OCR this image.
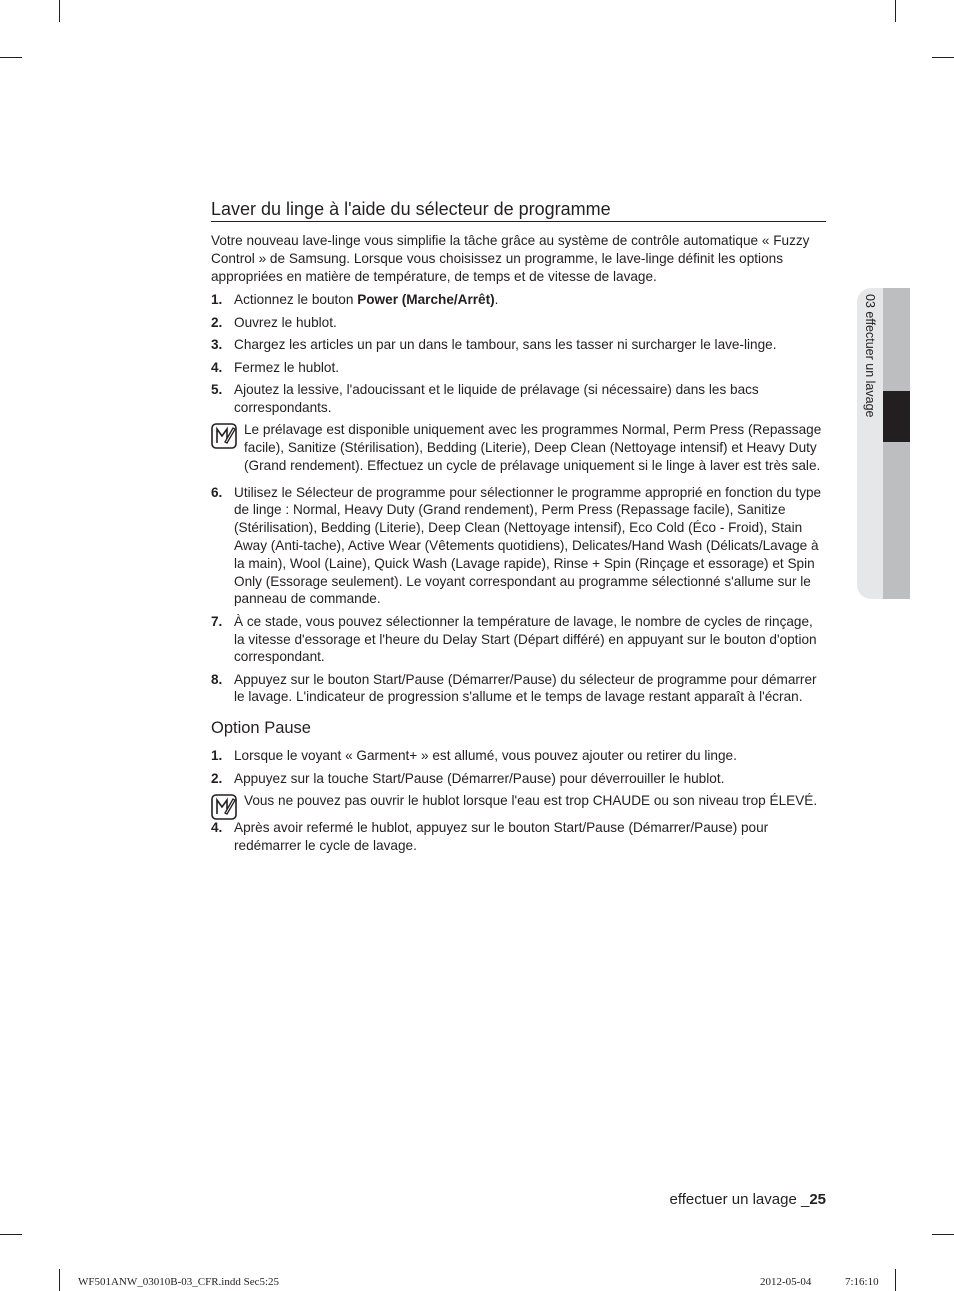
03 effectuer un lavage
Laver du linge à l'aide du sélecteur de programme

Votre nouveau lave-linge vous simplifie la tâche grâce au système de contrôle automatique « Fuzzy Control » de Samsung. Lorsque vous choisissez un programme, le lave-linge définit les options appropriées en matière de température, de temps et de vitesse de lavage.

1. Actionnez le bouton Power (Marche/Arrêt).
2. Ouvrez le hublot.
3. Chargez les articles un par un dans le tambour, sans les tasser ni surcharger le lave-linge.
4. Fermez le hublot.
5. Ajoutez la lessive, l'adoucissant et le liquide de prélavage (si nécessaire) dans les bacs correspondants.
Le prélavage est disponible uniquement avec les programmes Normal, Perm Press (Repassage facile), Sanitize (Stérilisation), Bedding (Literie), Deep Clean (Nettoyage intensif) et Heavy Duty (Grand rendement). Effectuez un cycle de prélavage uniquement si le linge à laver est très sale.
6. Utilisez le Sélecteur de programme pour sélectionner le programme approprié en fonction du type de linge : Normal, Heavy Duty (Grand rendement), Perm Press (Repassage facile), Sanitize (Stérilisation), Bedding (Literie), Deep Clean (Nettoyage intensif), Eco Cold (Éco - Froid), Stain Away (Anti-tache), Active Wear (Vêtements quotidiens), Delicates/Hand Wash (Délicats/Lavage à la main), Wool (Laine), Quick Wash (Lavage rapide), Rinse + Spin (Rinçage et essorage) et Spin Only (Essorage seulement). Le voyant correspondant au programme sélectionné s'allume sur le panneau de commande.
7. À ce stade, vous pouvez sélectionner la température de lavage, le nombre de cycles de rinçage, la vitesse d'essorage et l'heure du Delay Start (Départ différé) en appuyant sur le bouton d'option correspondant.
8. Appuyez sur le bouton Start/Pause (Démarrer/Pause) du sélecteur de programme pour démarrer le lavage. L'indicateur de progression s'allume et le temps de lavage restant apparaît à l'écran.
Option Pause
1. Lorsque le voyant « Garment+ » est allumé, vous pouvez ajouter ou retirer du linge.
2. Appuyez sur la touche Start/Pause (Démarrer/Pause) pour déverrouiller le hublot.
Vous ne pouvez pas ouvrir le hublot lorsque l'eau est trop CHAUDE ou son niveau trop ÉLEVÉ.
4. Après avoir refermé le hublot, appuyez sur le bouton Start/Pause (Démarrer/Pause) pour redémarrer le cycle de lavage.
effectuer un lavage _25
WF501ANW_03010B-03_CFR.indd Sec5:25	2012-05-04	7:16:10
